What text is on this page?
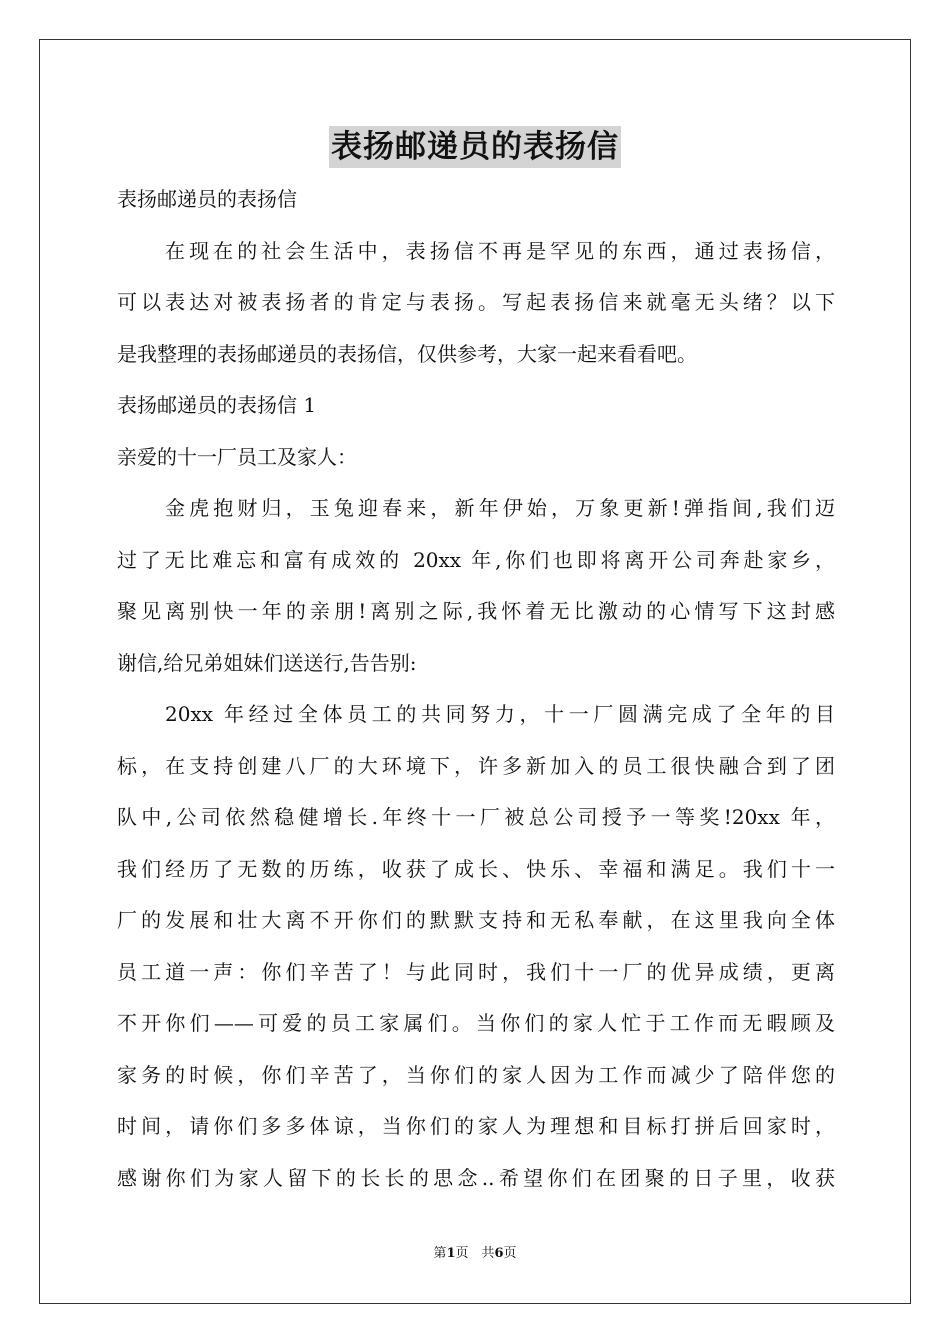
表扬邮递员的表扬信
表扬邮递员的表扬信
在现在的社会生活中，表扬信不再是罕见的东西，通过表扬信，
可以表达对被表扬者的肯定与表扬。写起表扬信来就毫无头绪？以下
是我整理的表扬邮递员的表扬信，仅供参考，大家一起来看看吧。
表扬邮递员的表扬信 1
亲爱的十一厂员工及家人：
金虎抱财归，玉兔迎春来，新年伊始，万象更新!弹指间,我们迈
过了无比难忘和富有成效的 20xx 年,你们也即将离开公司奔赴家乡，
聚见离别快一年的亲朋!离别之际,我怀着无比激动的心情写下这封感
谢信,给兄弟姐妹们送送行,告告别:
20xx 年经过全体员工的共同努力，十一厂圆满完成了全年的目
标，在支持创建八厂的大环境下，许多新加入的员工很快融合到了团
队中,公司依然稳健增长.年终十一厂被总公司授予一等奖!20xx 年，
我们经历了无数的历练，收获了成长、快乐、幸福和满足。我们十一
厂的发展和壮大离不开你们的默默支持和无私奉献，在这里我向全体
员工道一声：你们辛苦了！与此同时，我们十一厂的优异成绩，更离
不开你们——可爱的员工家属们。当你们的家人忙于工作而无暇顾及
家务的时候，你们辛苦了，当你们的家人因为工作而减少了陪伴您的
时间，请你们多多体谅，当你们的家人为理想和目标打拼后回家时，
感谢你们为家人留下的长长的思念..希望你们在团聚的日子里，收获
第1页　共6页
